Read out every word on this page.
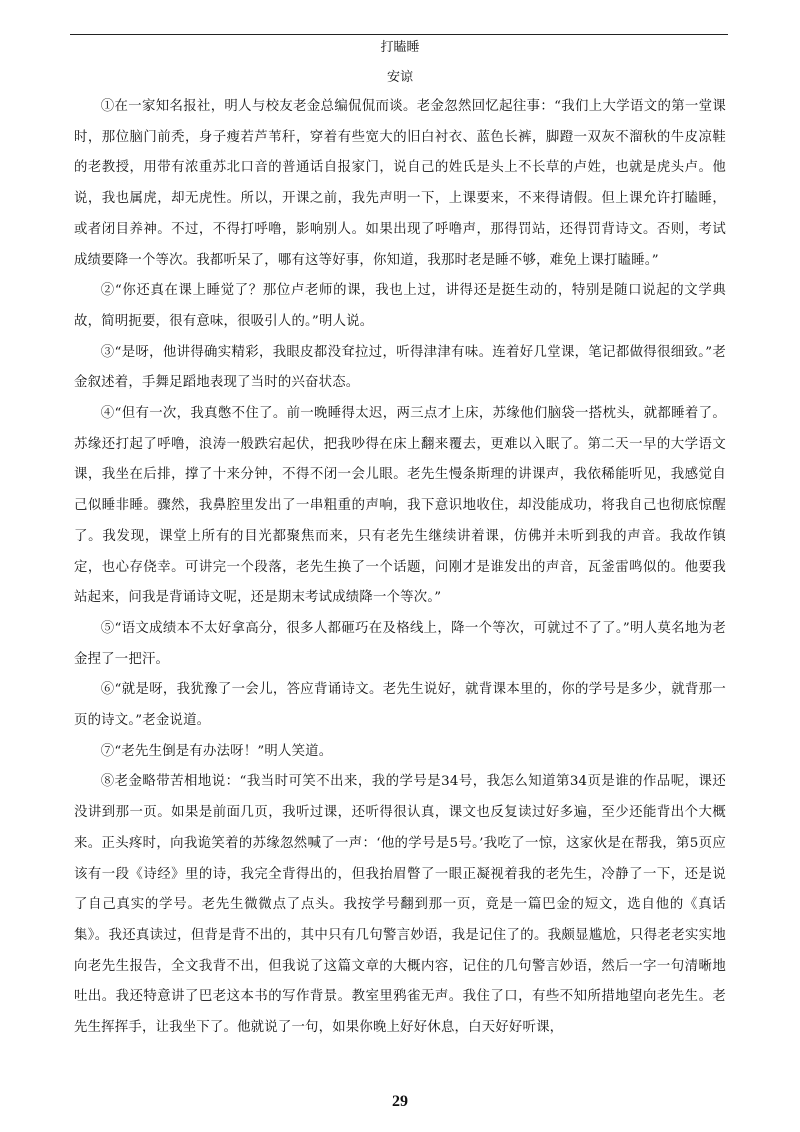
打瞌睡
安谅

①在一家知名报社，明人与校友老金总编侃侃而谈。老金忽然回忆起往事：“我们上大学语文的第一堂课时，那位脑门前秃，身子瘦若芦苇秆，穿着有些宽大的旧白衬衣、蓝色长裤，脚蹬一双灰不溜秋的牛皮凉鞋的老教授，用带有浓重苏北口音的普通话自报家门，说自己的姓氏是头上不长草的卢姓，也就是虎头卢。他说，我也属虎，却无虎性。所以，开课之前，我先声明一下，上课要来，不来得请假。但上课允许打瞌睡，或者闭目养神。不过，不得打呼噜，影响别人。如果出现了呼噜声，那得罚站，还得罚背诗文。否则，考试成绩要降一个等次。我都听呆了，哪有这等好事，你知道，我那时老是睡不够，难免上课打瞌睡。”

②“你还真在课上睡觉了？那位卢老师的课，我也上过，讲得还是挺生动的，特别是随口说起的文学典故，简明扼要，很有意味，很吸引人的。”明人说。

③“是呀，他讲得确实精彩，我眼皮都没耷拉过，听得津津有味。连着好几堂课，笔记都做得很细致。”老金叙述着，手舞足蹈地表现了当时的兴奋状态。

④“但有一次，我真憋不住了。前一晚睡得太迟，两三点才上床，苏缘他们脑袋一搭枕头，就都睡着了。苏缘还打起了呼噜，浪涛一般跌宕起伏，把我吵得在床上翻来覆去，更难以入眠了。第二天一早的大学语文课，我坐在后排，撑了十来分钟，不得不闭一会儿眼。老先生慢条斯理的讲课声，我依稀能听见，我感觉自己似睡非睡。骤然，我鼻腔里发出了一串粗重的声响，我下意识地收住，却没能成功，将我自己也彻底惊醒了。我发现，课堂上所有的目光都聚焦而来，只有老先生继续讲着课，仿佛并未听到我的声音。我故作镇定，也心存侥幸。可讲完一个段落，老先生换了一个话题，问刚才是谁发出的声音，瓦釜雷鸣似的。他要我站起来，问我是背诵诗文呢，还是期末考试成绩降一个等次。”

⑤“语文成绩本不太好拿高分，很多人都砸巧在及格线上，降一个等次，可就过不了了。”明人莫名地为老金捏了一把汗。

⑥“就是呀，我犹豫了一会儿，答应背诵诗文。老先生说好，就背课本里的，你的学号是多少，就背那一页的诗文。”老金说道。

⑦“老先生倒是有办法呀！”明人笑道。

⑧老金略带苦相地说：“我当时可笑不出来，我的学号是34号，我怎么知道第34页是谁的作品呢，课还没讲到那一页。如果是前面几页，我听过课，还听得很认真，课文也反复读过好多遍，至少还能背出个大概来。正头疼时，向我诡笑着的苏缘忽然喊了一声：‘他的学号是5号。’我吃了一惊，这家伙是在帮我，第5页应该有一段《诗经》里的诗，我完全背得出的，但我抬眉瞥了一眼正凝视着我的老先生，冷静了一下，还是说了自己真实的学号。老先生微微点了点头。我按学号翻到那一页，竟是一篇巴金的短文，选自他的《真话集》。我还真读过，但背是背不出的，其中只有几句警言妙语，我是记住了的。我颇显尴尬，只得老老实实地向老先生报告，全文我背不出，但我说了这篇文章的大概内容，记住的几句警言妙语，然后一字一句清晰地吐出。我还特意讲了巴老这本书的写作背景。教室里鸦雀无声。我住了口，有些不知所措地望向老先生。老先生挥挥手，让我坐下了。他就说了一句，如果你晚上好好休息，白天好好听课，

29
